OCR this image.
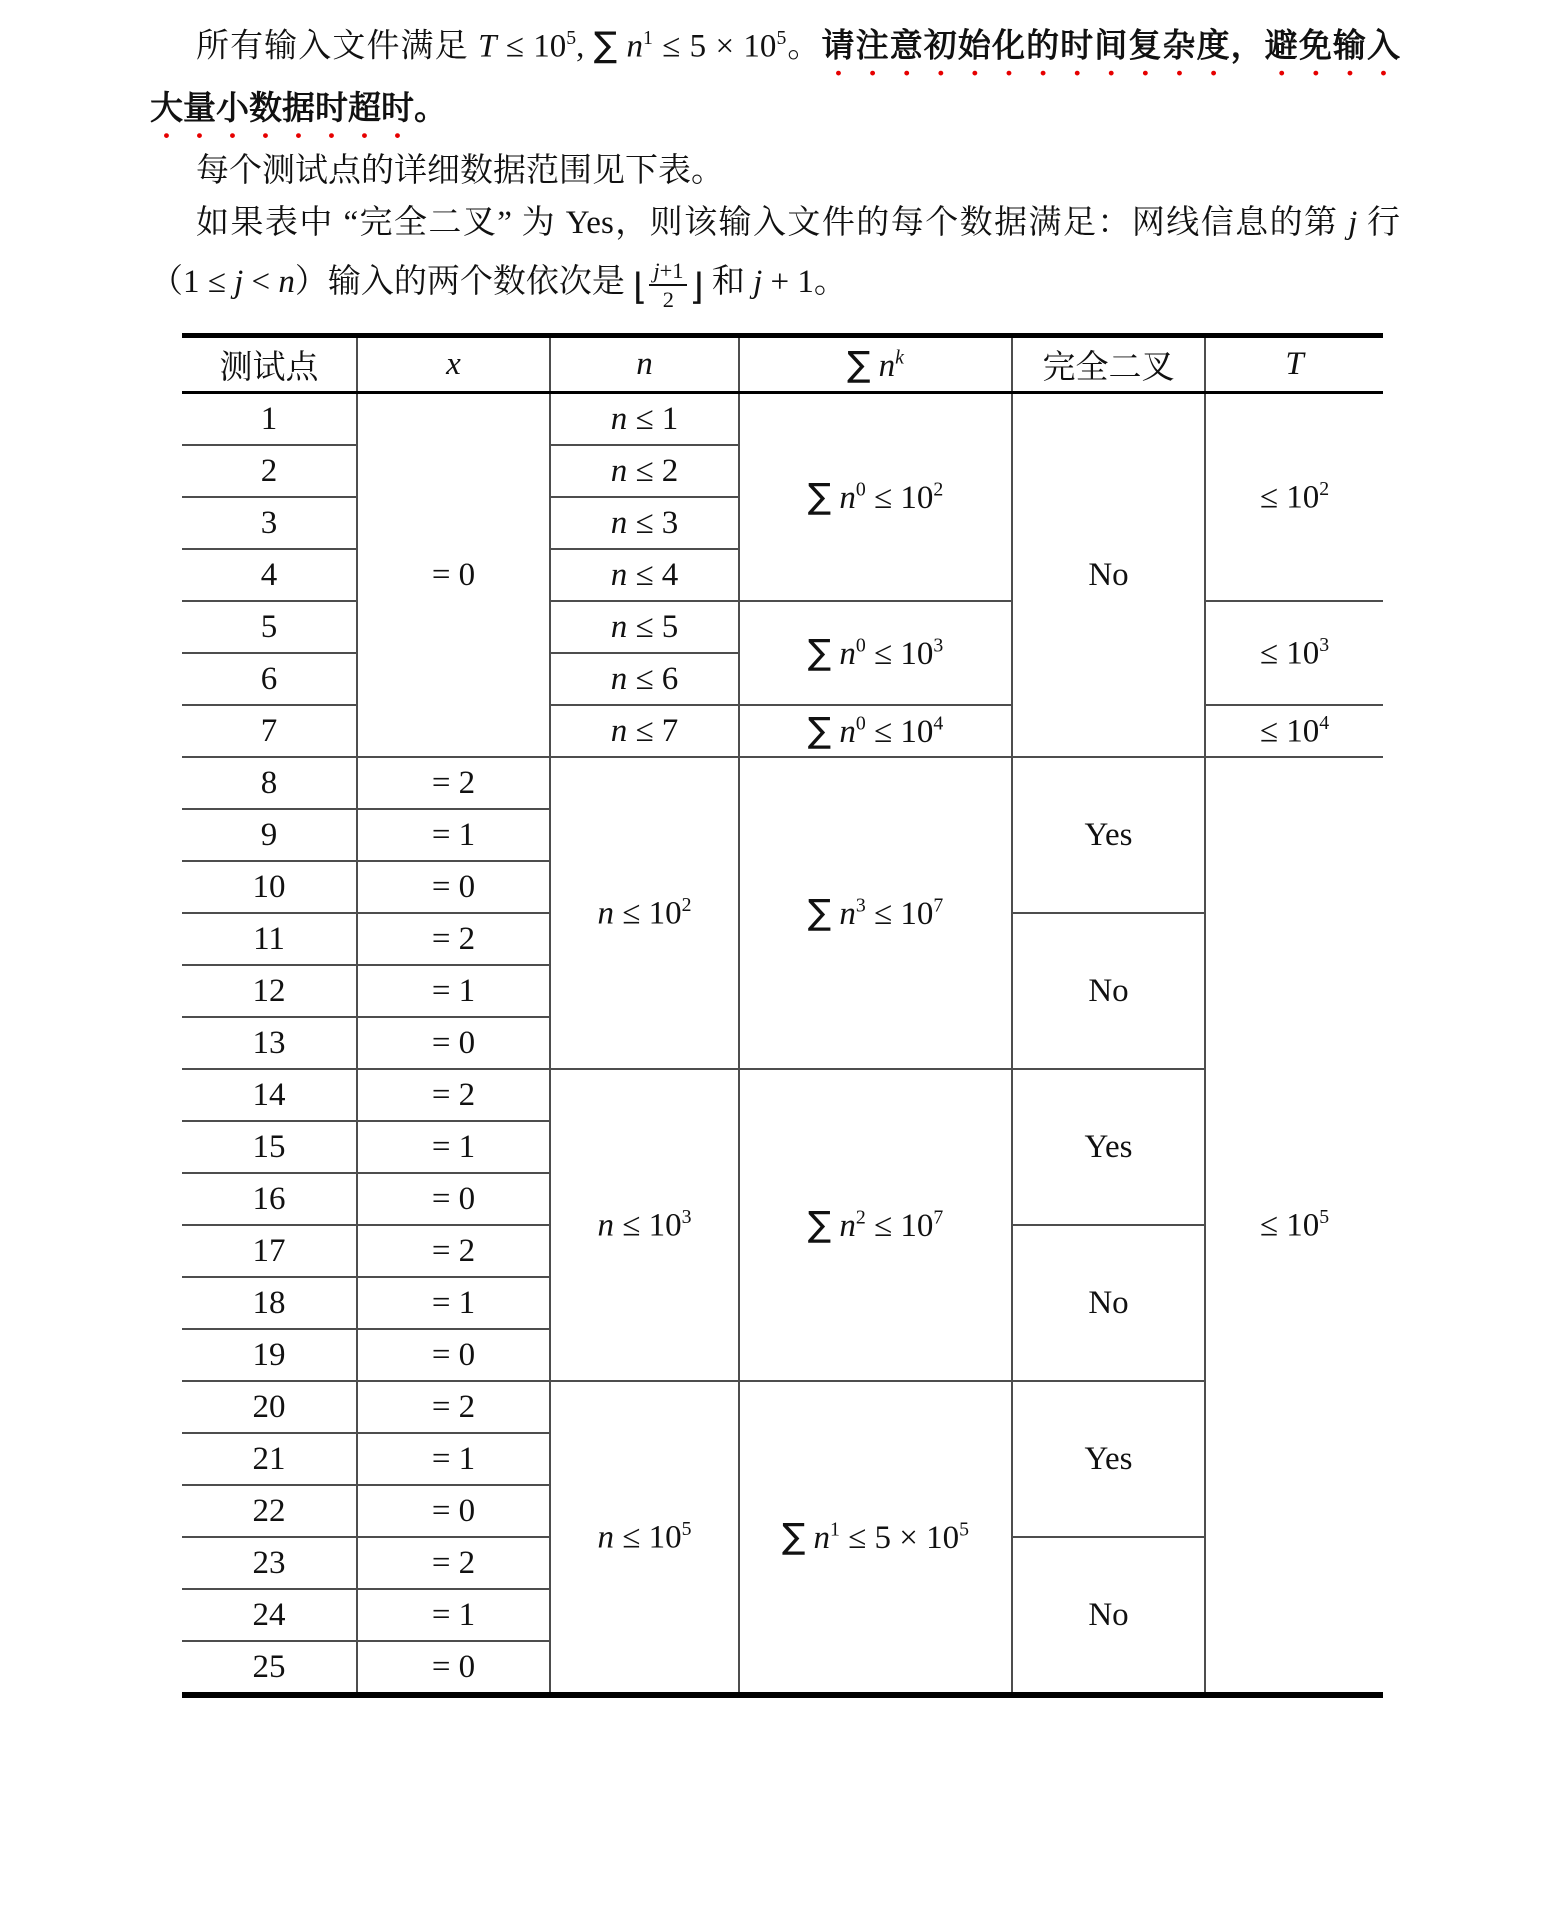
所有输入文件满足 $T \le 10^5$, ∑ $n^1 \le 5 \times 10^5$。请注意初始化的时间复杂度，避免输入
大量小数据时超时。
每个测试点的详细数据范围见下表。
如果表中 “完全二叉” 为 Yes，则该输入文件的每个数据满足：网线信息的第 j 行
（1 ≤ j < n）输入的两个数依次是 ⌊ $\frac{j+1}{2}$ ⌋ 和 j + 1。
测试点	x	n	∑ $n^k$	完全二叉	T
1	= 0	n ≤ 1	∑ $n^0 \le 10^2$	No	≤ $10^2$
2		n ≤ 2			
3		n ≤ 3			
4		n ≤ 4			
5		n ≤ 5	∑ $n^0 \le 10^3$		≤ $10^3$
6		n ≤ 6			
7		n ≤ 7	∑ $n^0 \le 10^4$		≤ $10^4$
8	= 2	$n \le 10^2$	∑ $n^3 \le 10^7$	Yes	≤ $10^5$
9	= 1				
10	= 0				
11	= 2			No	
12	= 1				
13	= 0				
14	= 2	$n \le 10^3$	∑ $n^2 \le 10^7$	Yes	
15	= 1				
16	= 0				
17	= 2			No	
18	= 1				
19	= 0				
20	= 2	$n \le 10^5$	∑ $n^1 \le 5 \times 10^5$	Yes	
21	= 1				
22	= 0				
23	= 2			No	
24	= 1				
25	= 0				
